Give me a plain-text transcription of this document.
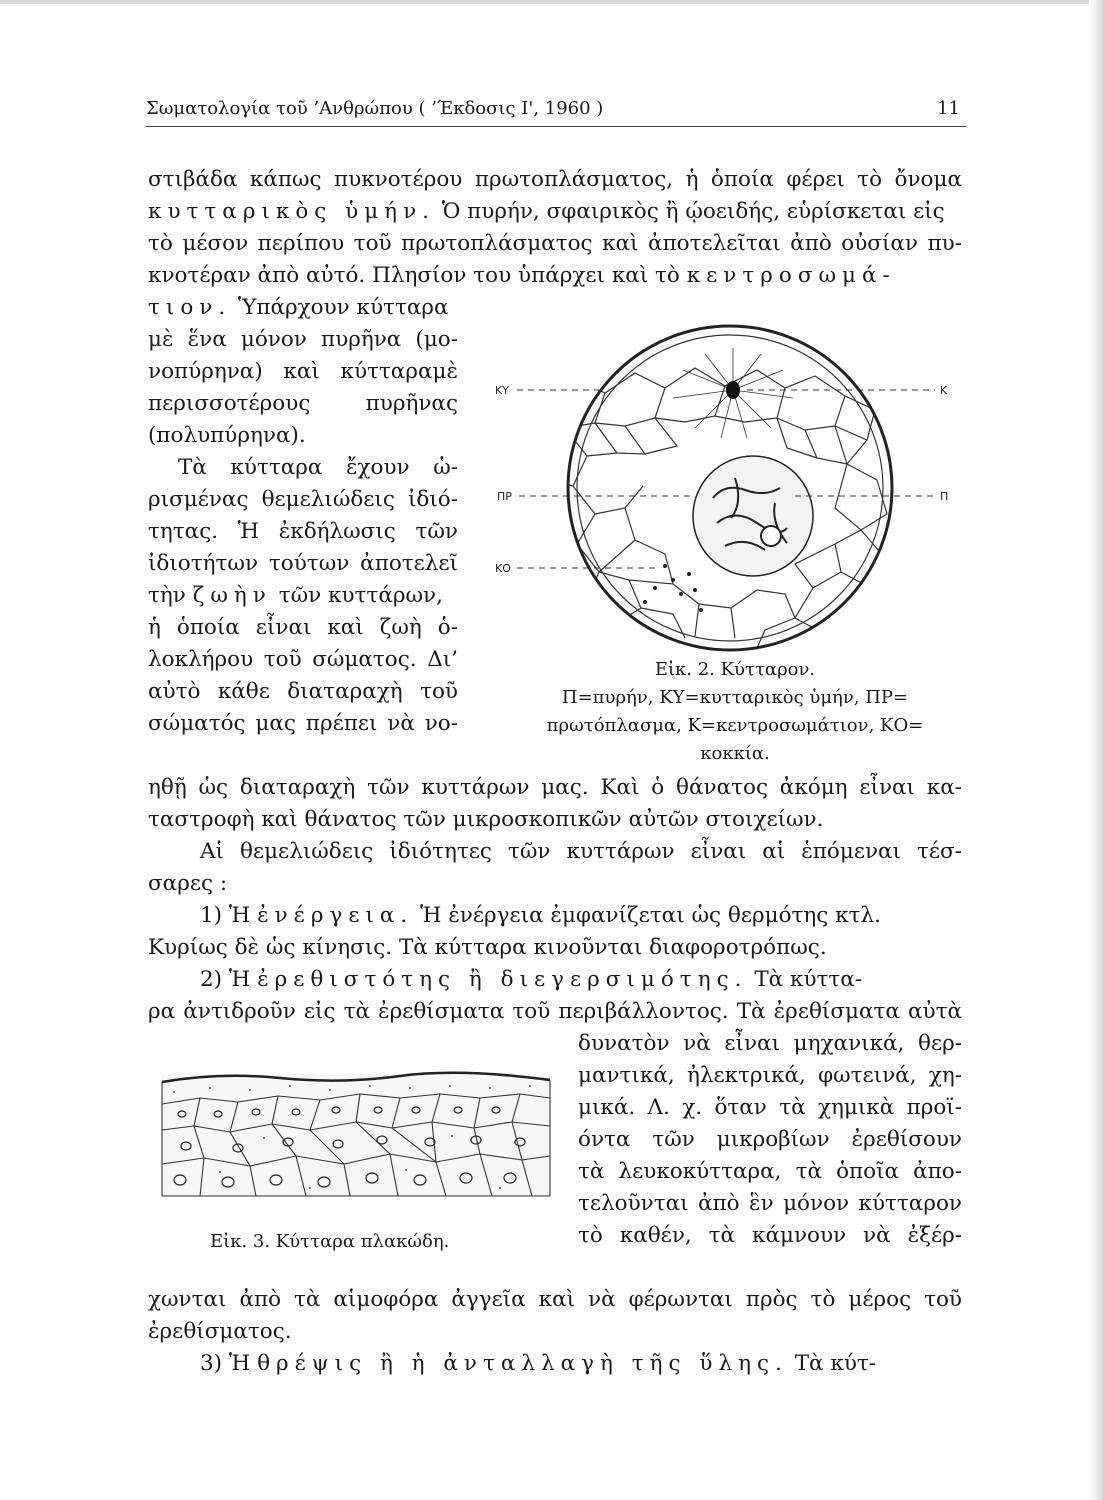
Σωματολογία τοῦ ’Ανθρώπου ( ’Έκδοσις Ι', 1960 )	11
στιβάδα κάπως πυκνοτέρου πρωτοπλάσματος, ἡ ὁποία φέρει τὸ ὄνομα
κυτταρικὸς ὑμήν. Ὁ πυρήν, σφαιρικὸς ἢ ῴοειδής, εὑρίσκεται εἰς
τὸ μέσον περίπου τοῦ πρωτοπλάσματος καὶ ἀποτελεῖται ἀπὸ οὐσίαν πυ-
κνοτέραν ἀπὸ αὐτό. Πλησίον του ὑπάρχει καὶ τὸ κεντροσωμά-
τιον. Ὑπάρχουν κύτταρα
μὲ ἕνα μόνον πυρῆνα (μο-
νοπύρηνα) καὶ κύτταραμὲ
περισσοτέρους πυρῆνας
(πολυπύρηνα).
Τὰ κύτταρα ἔχουν ὡ-
ρισμένας θεμελιώδεις ἰδιό-
τητας. Ἡ ἐκδήλωσις τῶν
ἰδιοτήτων τούτων ἀποτελεῖ
τὴν ζωὴν τῶν κυττάρων,
ἡ ὁποία εἶναι καὶ ζωὴ ὁ-
λοκλήρου τοῦ σώματος. Δι’
αὐτὸ κάθε διαταραχὴ τοῦ
σώματός μας πρέπει νὰ νο-
ΚΥ	Κ
ΠΡ	Π
ΚΟ
Εἰκ. 2. Κύτταρον.
Π=πυρήν, ΚΥ=κυτταρικὸς ὑμήν, ΠΡ=
πρωτόπλασμα, Κ=κεντροσωμάτιον, ΚΟ=
κοκκία.
ηθῇ ὡς διαταραχὴ τῶν κυττάρων μας. Καὶ ὁ θάνατος ἀκόμη εἶναι κα-
ταστροφὴ καὶ θάνατος τῶν μικροσκοπικῶν αὐτῶν στοιχείων.
Αἱ θεμελιώδεις ἰδιότητες τῶν κυττάρων εἶναι αἱ ἑπόμεναι τέσ-
σαρες :
1) Ἡ ἐνέργεια. Ἡ ἐνέργεια ἐμφανίζεται ὡς θερμότης κτλ.
Κυρίως δὲ ὡς κίνησις. Τὰ κύτταρα κινοῦνται διαφοροτρόπως.
2) Ἡ ἐρεθιστότης ἢ διεγερσιμότης. Τὰ κύττα-
ρα ἀντιδροῦν εἰς τὰ ἐρεθίσματα τοῦ περιβάλλοντος. Τὰ ἐρεθίσματα αὐτὰ
δυνατὸν νὰ εἶναι μηχανικά, θερ-
μαντικά, ἠλεκτρικά, φωτεινά, χη-
μικά. Λ. χ. ὅταν τὰ χημικὰ προϊ-
όντα τῶν μικροβίων ἐρεθίσουν
τὰ λευκοκύτταρα, τὰ ὁποῖα ἀπο-
τελοῦνται ἀπὸ ἓν μόνον κύτταρον
τὸ καθέν, τὰ κάμνουν νὰ ἐξέρ-
Εἰκ. 3. Κύτταρα πλακώδη.
χωνται ἀπὸ τὰ αἱμοφόρα ἀγγεῖα καὶ νὰ φέρωνται πρὸς τὸ μέρος τοῦ
ἐρεθίσματος.
3) Ἡ θρέψις ἢ ἡ ἀνταλλαγὴ τῆς ὕλης. Τὰ κύτ-
